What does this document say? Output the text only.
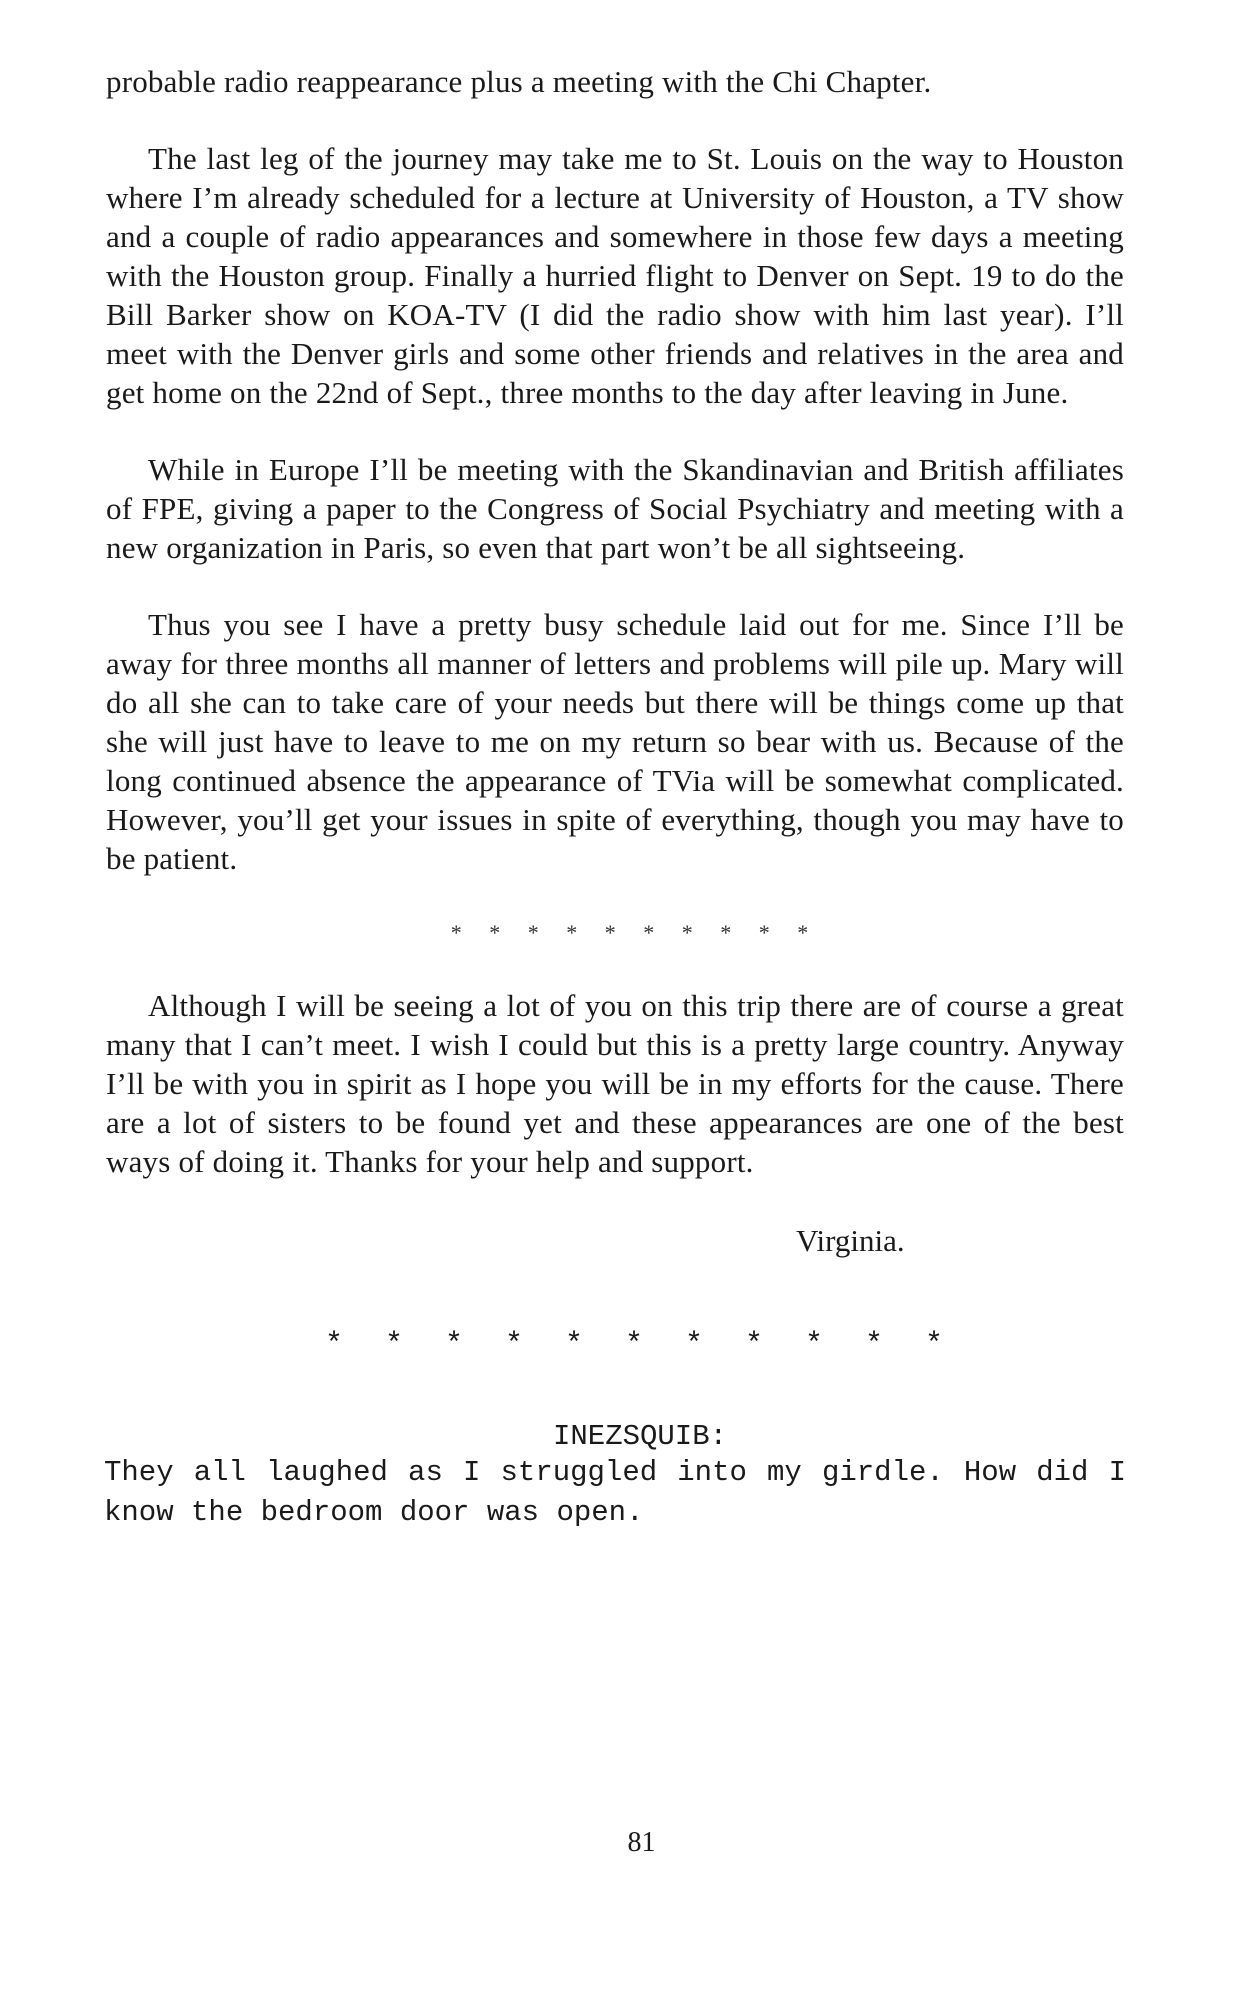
probable radio reappearance plus a meeting with the Chi Chapter.

The last leg of the journey may take me to St. Louis on the way to Houston where I’m already scheduled for a lecture at University of Houston, a TV show and a couple of radio appearances and somewhere in those few days a meeting with the Houston group. Finally a hurried flight to Denver on Sept. 19 to do the Bill Barker show on KOA-TV (I did the radio show with him last year). I’ll meet with the Denver girls and some other friends and relatives in the area and get home on the 22nd of Sept., three months to the day after leaving in June.

While in Europe I’ll be meeting with the Skandinavian and British affiliates of FPE, giving a paper to the Congress of Social Psychiatry and meeting with a new organization in Paris, so even that part won’t be all sightseeing.

Thus you see I have a pretty busy schedule laid out for me. Since I’ll be away for three months all manner of letters and problems will pile up. Mary will do all she can to take care of your needs but there will be things come up that she will just have to leave to me on my return so bear with us. Because of the long continued absence the appearance of TVia will be somewhat complicated. However, you’ll get your issues in spite of everything, though you may have to be patient.

* * * * * * * * * *

Although I will be seeing a lot of you on this trip there are of course a great many that I can’t meet. I wish I could but this is a pretty large country. Anyway I’ll be with you in spirit as I hope you will be in my efforts for the cause. There are a lot of sisters to be found yet and these appearances are one of the best ways of doing it. Thanks for your help and support.

Virginia.
* * * * * * * * * * *
INEZSQUIB:

They all laughed as I struggled into my girdle. How did I know the bedroom door was open.

81
